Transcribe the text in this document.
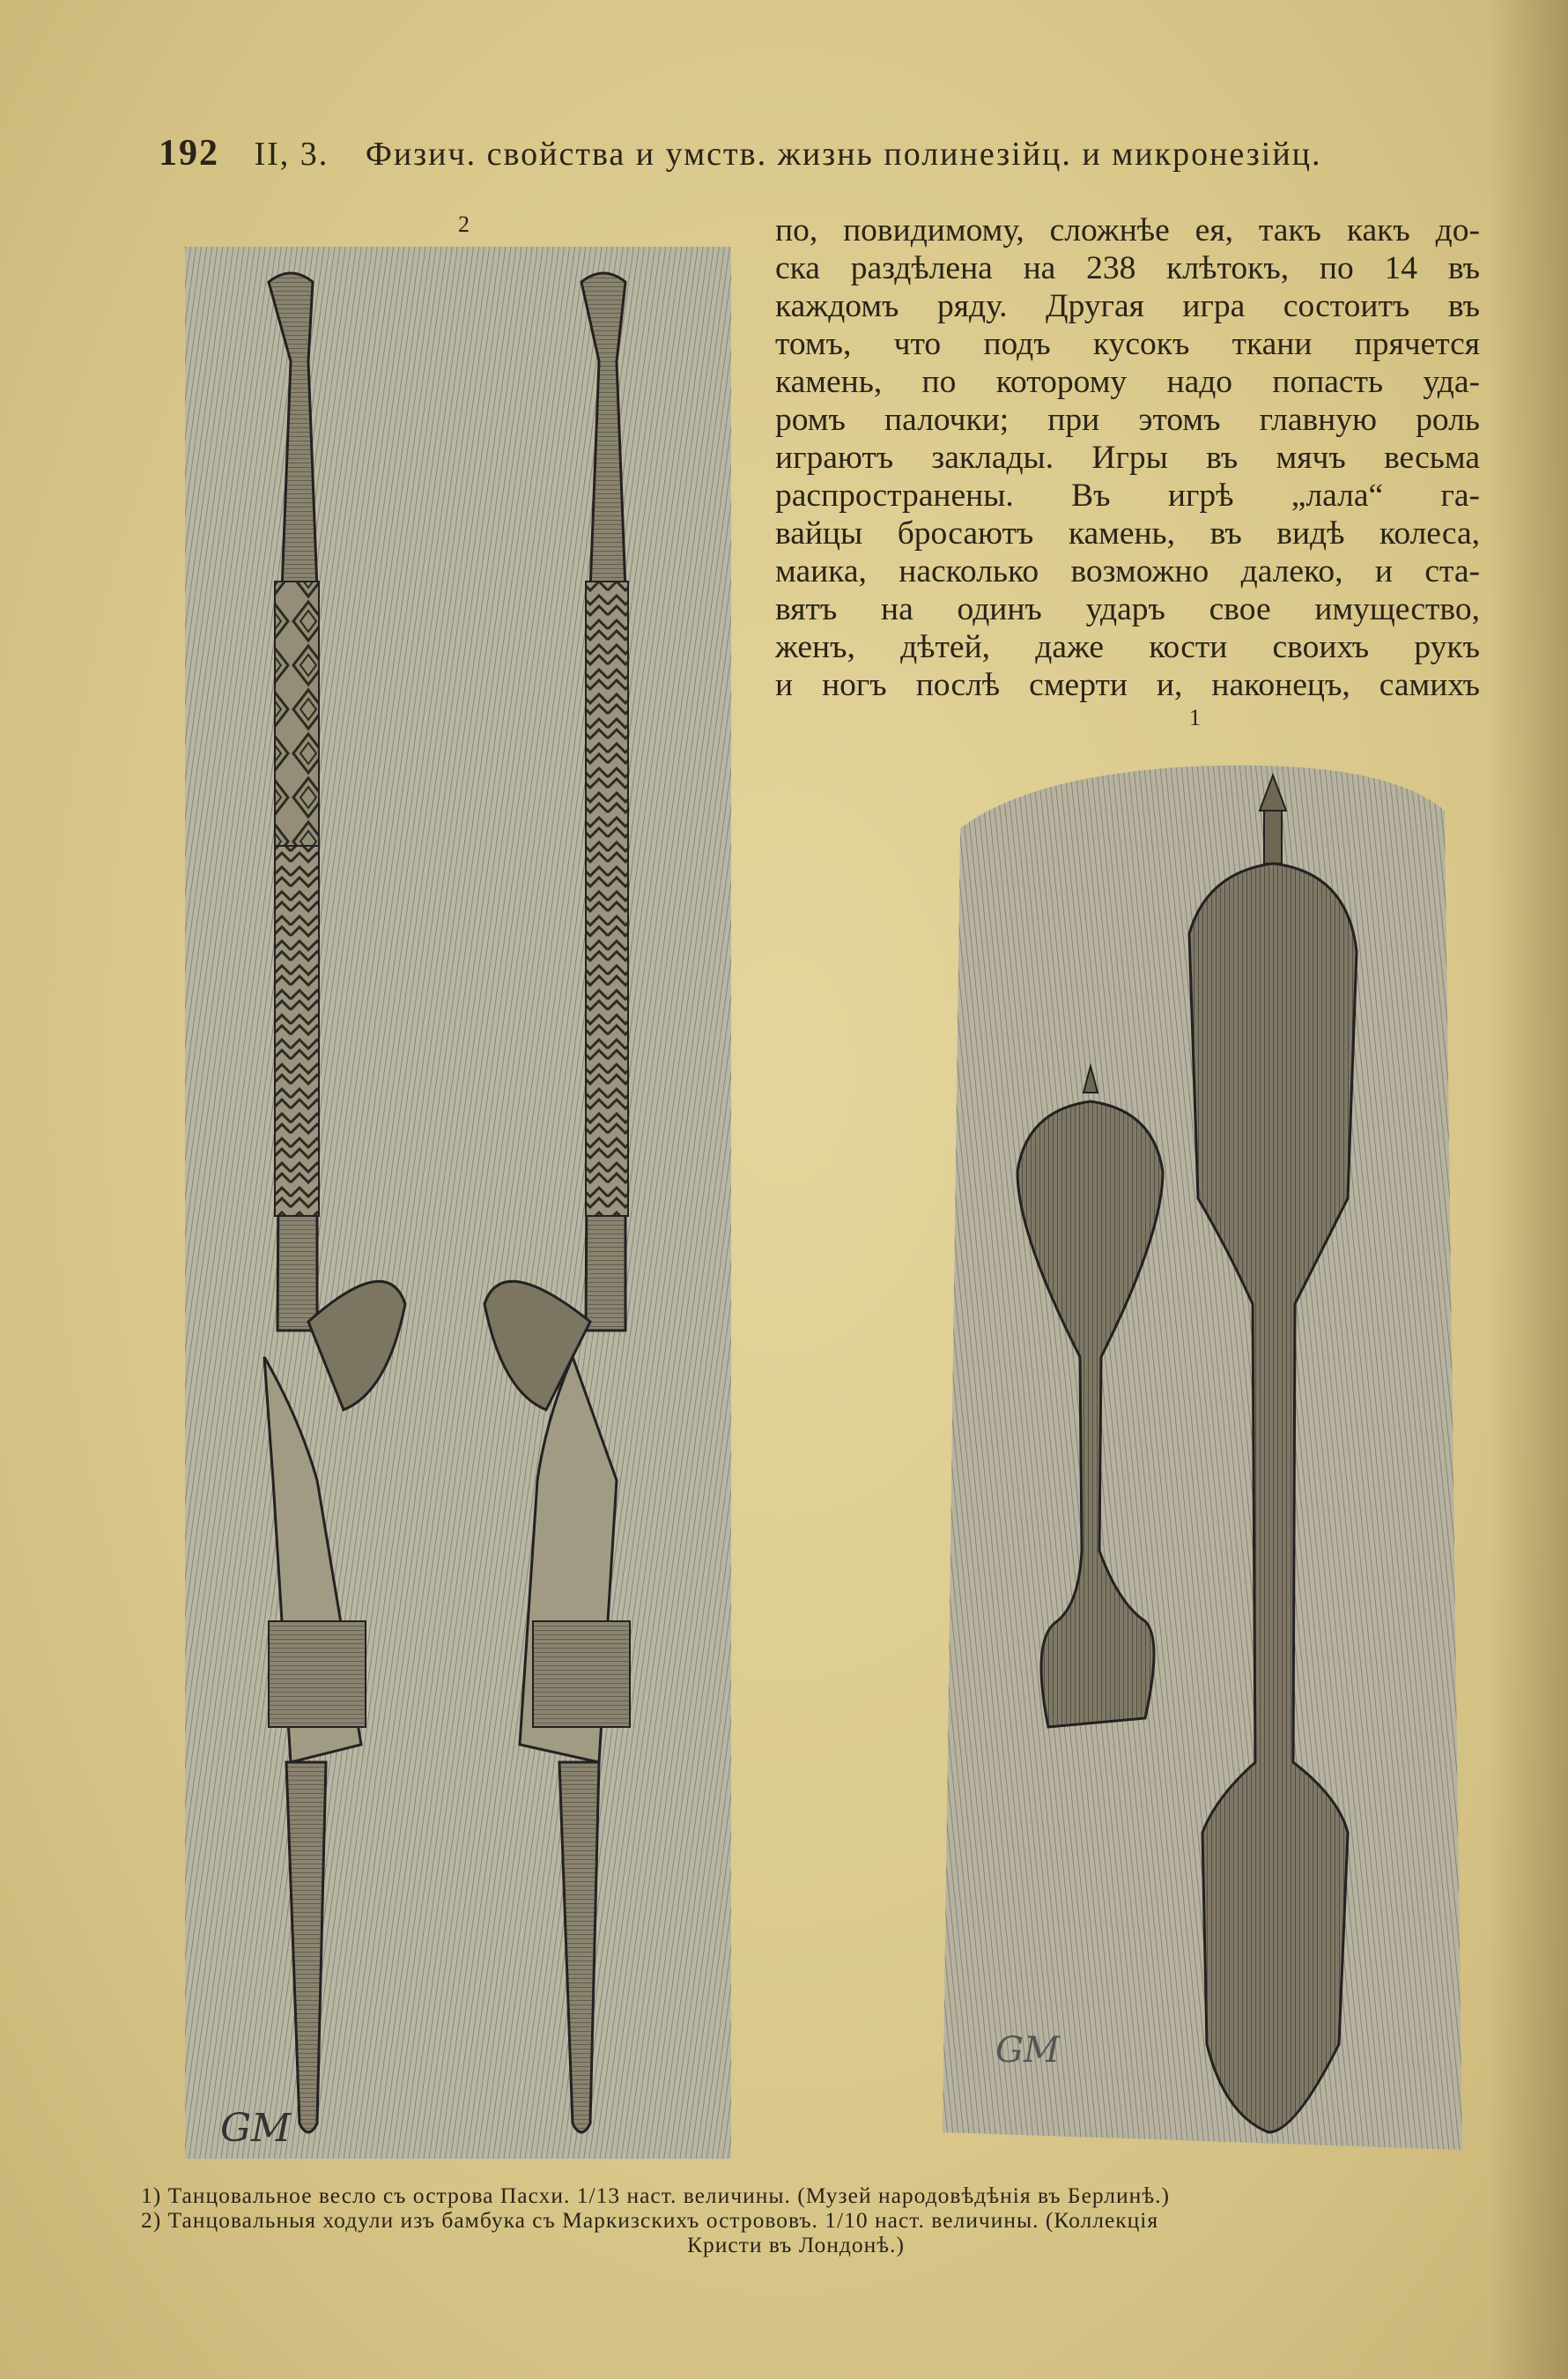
192 II, 3. Физич. свойства и умств. жизнь полинезійц. и микронезійц.
2
1
GM
GM
по, повидимому, сложнѣе ея, такъ какъ до-
ска раздѣлена на 238 клѣтокъ, по 14 въ
каждомъ ряду. Другая игра состоитъ въ
томъ, что подъ кусокъ ткани прячется
камень, по которому надо попасть уда-
ромъ палочки; при этомъ главную роль
играютъ заклады. Игры въ мячъ весьма
распространены. Въ игрѣ „лала“ га-
вайцы бросаютъ камень, въ видѣ колеса,
маика, насколько возможно далеко, и ста-
вятъ на одинъ ударъ свое имущество,
женъ, дѣтей, даже кости своихъ рукъ
и ногъ послѣ смерти и, наконецъ, самихъ
1) Танцовальное весло съ острова Пасхи. 1/13 наст. величины. (Музей народовѣдѣнія въ Берлинѣ.)
2) Танцовальныя ходули изъ бамбука съ Маркизскихъ острововъ. 1/10 наст. величины. (Коллекція
Кристи въ Лондонѣ.)
